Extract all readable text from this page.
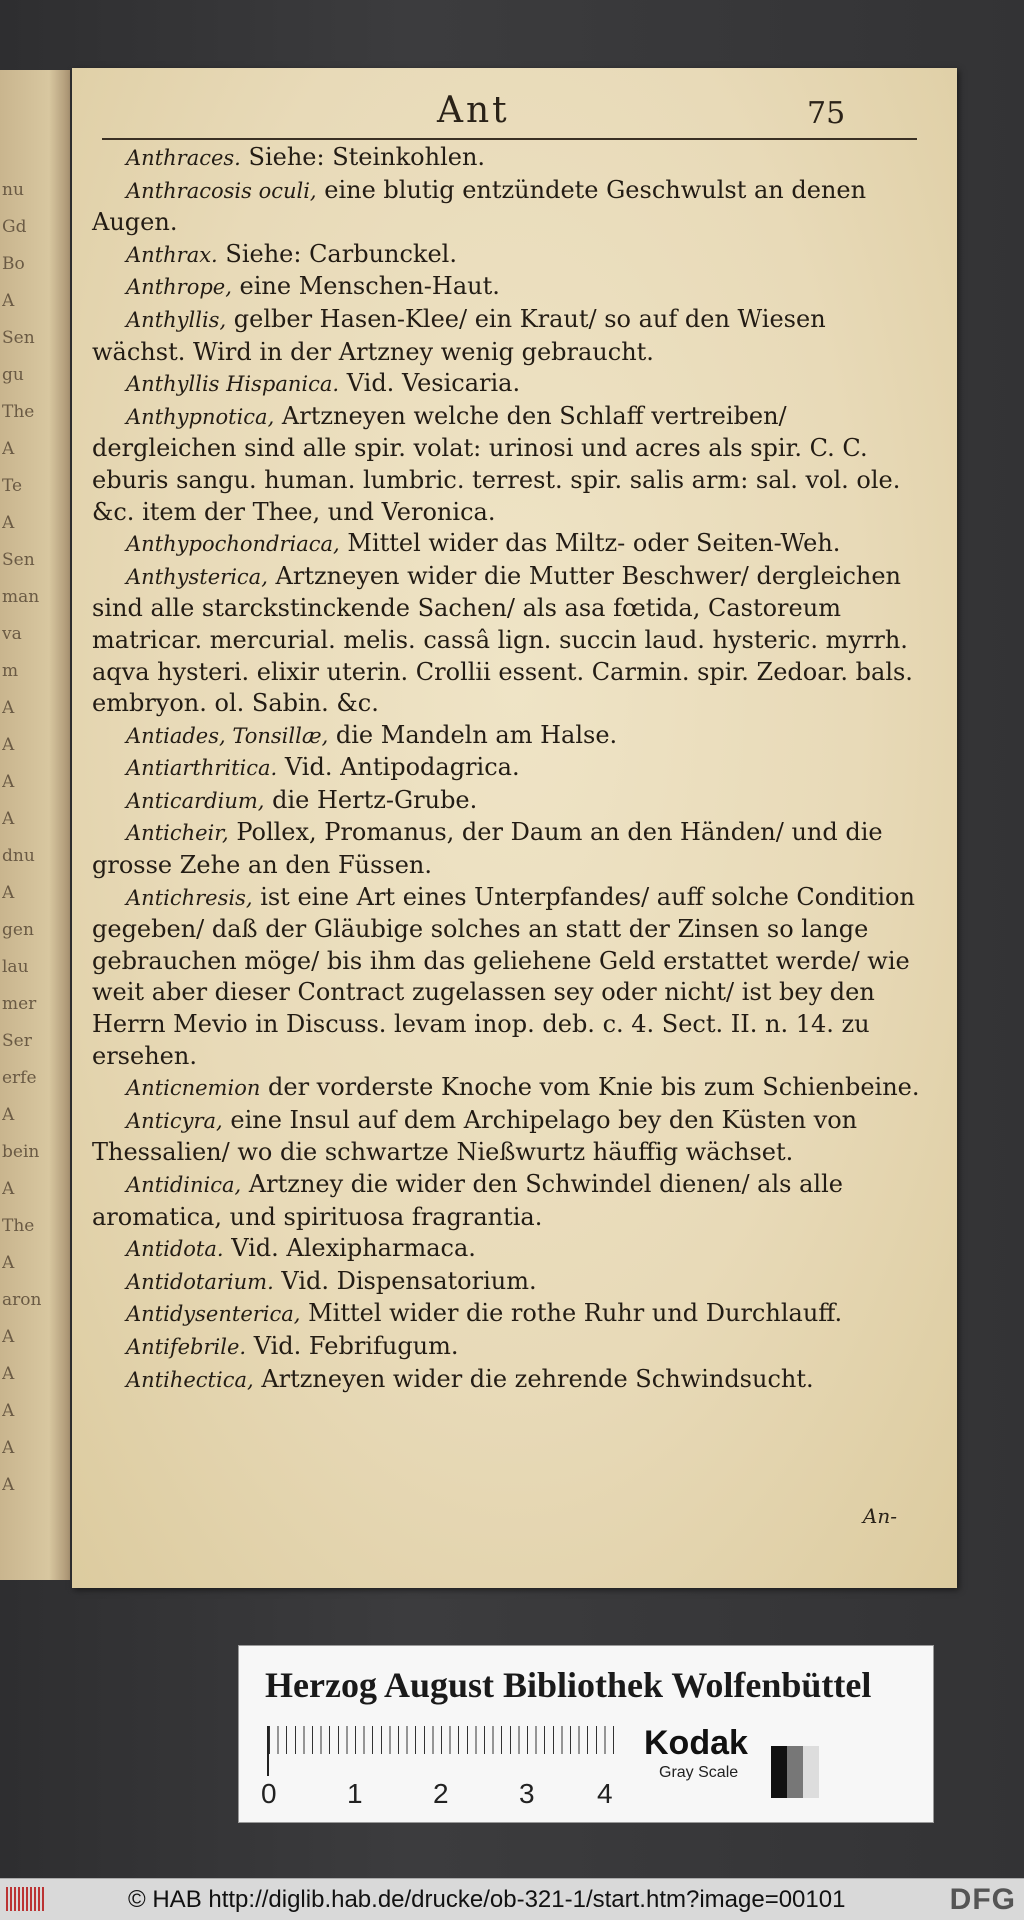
nu
Gd
Bo
A
Sen
gu
The
A
Te
A
Sen
man
va
m
A
A
A
A
dnu
A
gen
lau
mer
Ser
erfe
A
bein
A
The
A
aron
A
A
A
A
A
Ant	75
Anthraces. Siehe: Steinkohlen.
Anthracosis oculi, eine blutig entzündete Geschwulst an denen Augen.
Anthrax. Siehe: Carbunckel.
Anthrope, eine Menschen-Haut.
Anthyllis, gelber Hasen-Klee/ ein Kraut/ so auf den Wiesen wächst. Wird in der Artzney wenig gebraucht.
Anthyllis Hispanica. Vid. Vesicaria.
Anthypnotica, Artzneyen welche den Schlaff vertreiben/ dergleichen sind alle spir. volat: urinosi und acres als spir. C. C. eburis sangu. human. lumbric. terrest. spir. salis arm: sal. vol. ole. &c. item der Thee, und Veronica.
Anthypochondriaca, Mittel wider das Miltz- oder Seiten-Weh.
Anthysterica, Artzneyen wider die Mutter Beschwer/ dergleichen sind alle starckstinckende Sachen/ als asa fœtida, Castoreum matricar. mercurial. melis. cassâ lign. succin laud. hysteric. myrrh. aqva hysteri. elixir uterin. Crollii essent. Carmin. spir. Zedoar. bals. embryon. ol. Sabin. &c.
Antiades, Tonsillæ, die Mandeln am Halse.
Antiarthritica. Vid. Antipodagrica.
Anticardium, die Hertz-Grube.
Anticheir, Pollex, Promanus, der Daum an den Händen/ und die grosse Zehe an den Füssen.
Antichresis, ist eine Art eines Unterpfandes/ auff solche Condition gegeben/ daß der Gläubige solches an statt der Zinsen so lange gebrauchen möge/ bis ihm das geliehene Geld erstattet werde/ wie weit aber dieser Contract zugelassen sey oder nicht/ ist bey den Herrn Mevio in Discuss. levam inop. deb. c. 4. Sect. II. n. 14. zu ersehen.
Anticnemion der vorderste Knoche vom Knie bis zum Schienbeine.
Anticyra, eine Insul auf dem Archipelago bey den Küsten von Thessalien/ wo die schwartze Nießwurtz häuffig wächset.
Antidinica, Artzney die wider den Schwindel dienen/ als alle aromatica, und spirituosa fragrantia.
Antidota. Vid. Alexipharmaca.
Antidotarium. Vid. Dispensatorium.
Antidysenterica, Mittel wider die rothe Ruhr und Durchlauff.
Antifebrile. Vid. Febrifugum.
Antihectica, Artzneyen wider die zehrende Schwindsucht.
An-
Herzog August Bibliothek Wolfenbüttel
0	1	2	3 4
Kodak
Gray Scale
© HAB http://diglib.hab.de/drucke/ob-321-1/start.htm?image=00101	DFG
